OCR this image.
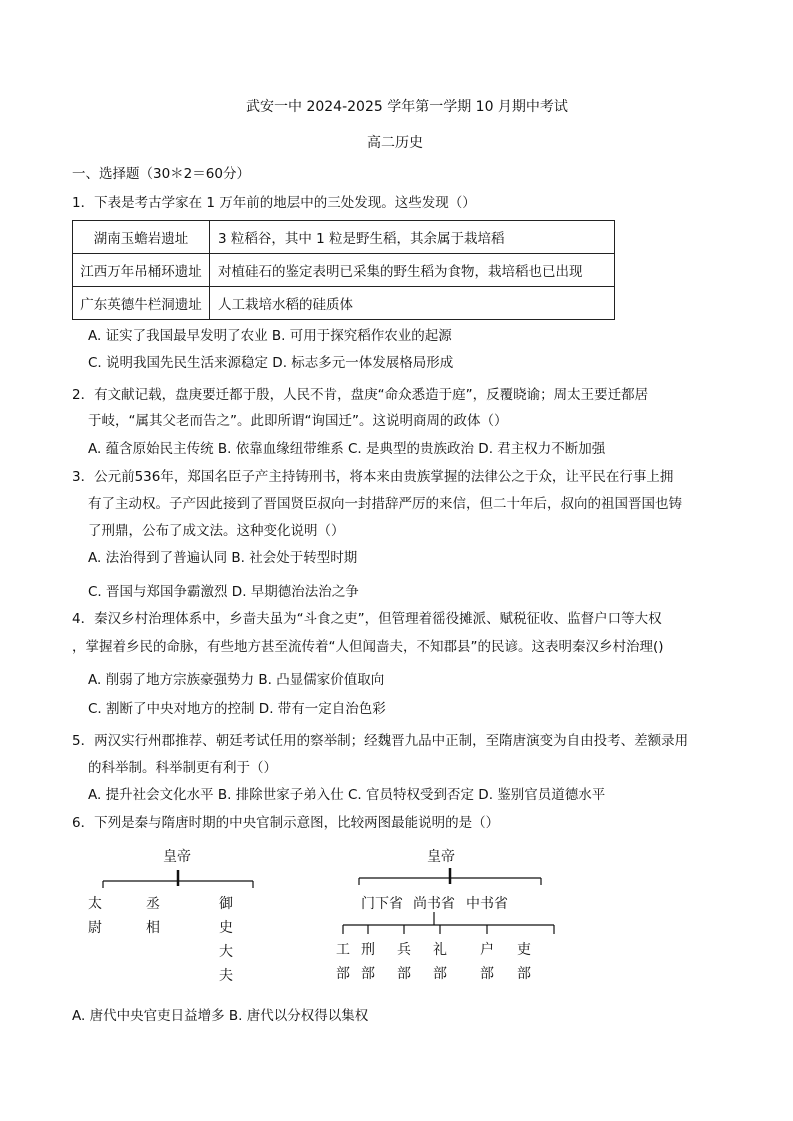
武安一中 2024-2025 学年第一学期 10 月期中考试
高二历史
一、选择题（30＊2＝60分）
1．下表是考古学家在 1 万年前的地层中的三处发现。这些发现（）
湖南玉蟾岩遗址	3 粒稻谷，其中 1 粒是野生稻，其余属于栽培稻
江西万年吊桶环遗址	对植硅石的鉴定表明已采集的野生稻为食物，栽培稻也已出现
广东英德牛栏洞遗址	人工栽培水稻的硅质体
A. 证实了我国最早发明了农业 B. 可用于探究稻作农业的起源
C. 说明我国先民生活来源稳定 D. 标志多元一体发展格局形成
2．有文献记载，盘庚要迁都于殷，人民不肯，盘庚“命众悉造于庭”，反覆晓谕；周太王要迁都居
于岐，“属其父老而告之”。此即所谓“询国迁”。这说明商周的政体（）
A. 蕴含原始民主传统 B. 依靠血缘纽带维系 C. 是典型的贵族政治 D. 君主权力不断加强
3．公元前536年，郑国名臣子产主持铸刑书，将本来由贵族掌握的法律公之于众，让平民在行事上拥
有了主动权。子产因此接到了晋国贤臣叔向一封措辞严厉的来信，但二十年后，叔向的祖国晋国也铸
了刑鼎，公布了成文法。这种变化说明（）
A. 法治得到了普遍认同 B. 社会处于转型时期
C. 晋国与郑国争霸激烈 D. 早期德治法治之争
4．秦汉乡村治理体系中，乡啬夫虽为“斗食之吏”，但管理着徭役摊派、赋税征收、监督户口等大权
，掌握着乡民的命脉，有些地方甚至流传着“人但闻啬夫，不知郡县”的民谚。这表明秦汉乡村治理()
A. 削弱了地方宗族豪强势力 B. 凸显儒家价值取向
C. 割断了中央对地方的控制 D. 带有一定自治色彩
5．两汉实行州郡推荐、朝廷考试任用的察举制；经魏晋九品中正制，至隋唐演变为自由投考、差额录用
的科举制。科举制更有利于（）
A. 提升社会文化水平 B. 排除世家子弟入仕 C. 官员特权受到否定 D. 鉴别官员道德水平
6．下列是秦与隋唐时期的中央官制示意图，比较两图最能说明的是（）
皇帝
太尉
丞相
御史大夫
皇帝
门下省 尚书省 中书省
工部
刑部
兵部
礼部
户部
吏部
A. 唐代中央官吏日益增多 B. 唐代以分权得以集权
